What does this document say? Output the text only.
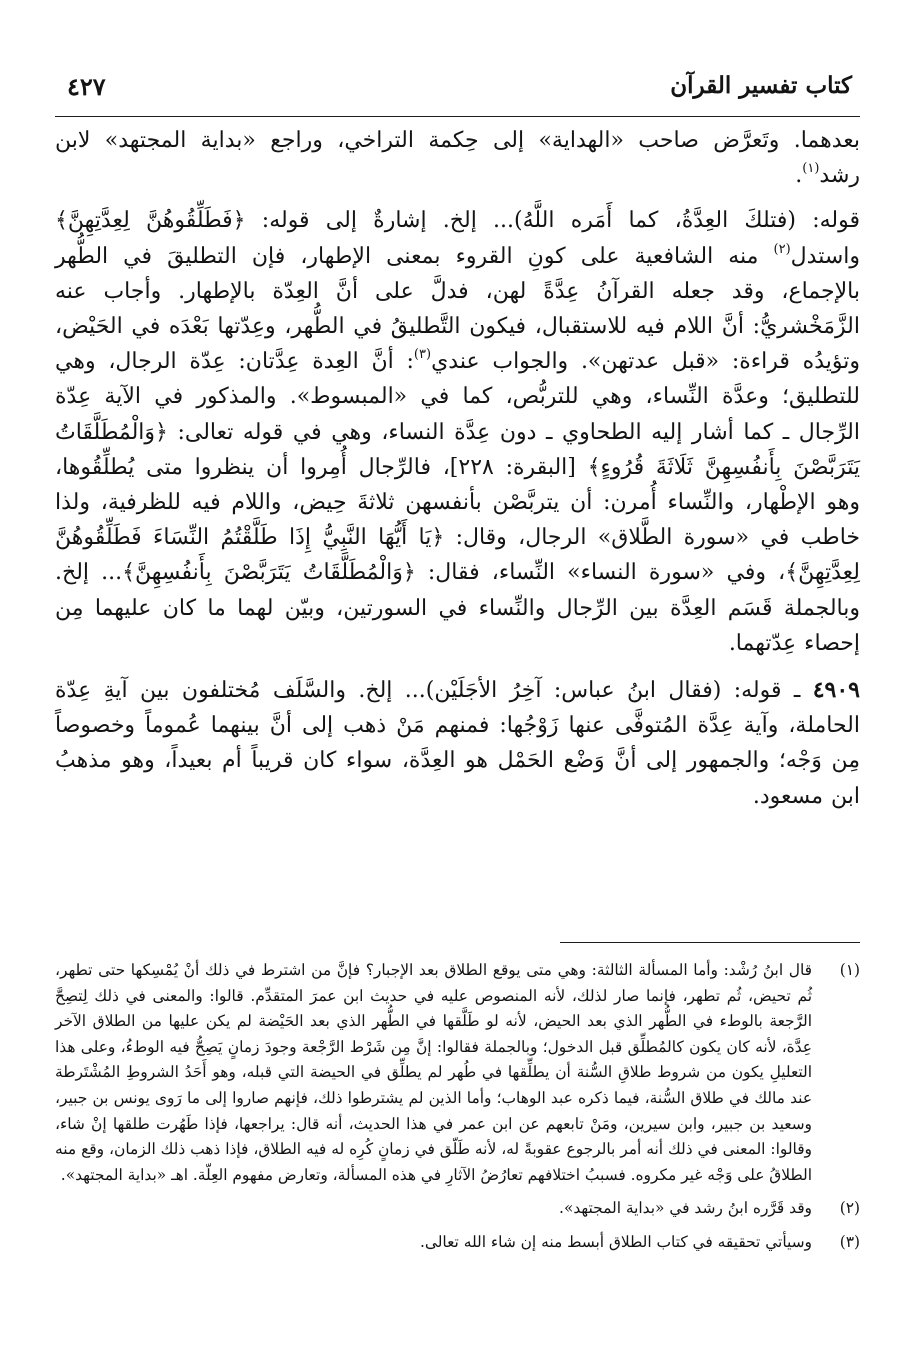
كتاب تفسير القرآن
٤٢٧

بعدهما. وتَعرَّض صاحب «الهداية» إلى حِكمة التراخي، وراجع «بداية المجتهد» لابن رشد$^{(١)}$.

قوله: (فتلكَ العِدَّةُ، كما أَمَره اللَّهُ)... إلخ. إشارةٌ إلى قوله: ﴿فَطَلِّقُوهُنَّ لِعِدَّتِهِنَّ﴾ واستدل$^{(٢)}$ منه الشافعية على كونِ القروء بمعنى الإطهار، فإن التطليقَ في الطُّهر بالإجماع، وقد جعله القرآنُ عِدَّةً لهن، فدلَّ على أنَّ العِدّة بالإطهار. وأجاب عنه الزَّمَخْشريُّ: أنَّ اللام فيه للاستقبال، فيكون التَّطليقُ في الطُّهر، وعِدّتها بَعْدَه في الحَيْض، وتؤيدُه قراءة: «قبل عدتهن». والجواب عندي$^{(٣)}$: أنَّ العِدة عِدَّتان: عِدّة الرجال، وهي للتطليق؛ وعدَّة النِّساء، وهي للتربُّص، كما في «المبسوط». والمذكور في الآية عِدّة الرِّجال ـ كما أشار إليه الطحاوي ـ دون عِدَّة النساء، وهي في قوله تعالى: ﴿وَالْمُطَلَّقَاتُ يَتَرَبَّصْنَ بِأَنفُسِهِنَّ ثَلَاثَةَ قُرُوءٍ﴾ [البقرة: ٢٢٨]، فالرِّجال أُمِروا أن ينظروا متى يُطلِّقُوها، وهو الإطْهار، والنِّساء أُمرن: أن يتربَّصْن بأنفسهن ثلاثةَ حِيض، واللام فيه للظرفية، ولذا خاطب في «سورة الطَّلاق» الرجال، وقال: ﴿يَا أَيُّهَا النَّبِيُّ إِذَا طَلَّقْتُمُ النِّسَاءَ فَطَلِّقُوهُنَّ لِعِدَّتِهِنَّ﴾، وفي «سورة النساء» النِّساء، فقال: ﴿وَالْمُطَلَّقَاتُ يَتَرَبَّصْنَ بِأَنفُسِهِنَّ﴾... إلخ. وبالجملة قَسَم العِدَّة بين الرِّجال والنِّساء في السورتين، وبيّن لهما ما كان عليهما مِن إحصاء عِدّتهما.

٤٩٠٩ ـ قوله: (فقال ابنُ عباس: آخِرُ الأجَلَيْن)... إلخ. والسَّلَف مُختلفون بين آيةِ عِدّة الحاملة، وآية عِدَّة المُتوفَّى عنها زَوْجُها: فمنهم مَنْ ذهب إلى أنَّ بينهما عُموماً وخصوصاً مِن وَجْه؛ والجمهور إلى أنَّ وَضْع الحَمْل هو العِدَّة، سواء كان قريباً أم بعيداً، وهو مذهبُ ابن مسعود.

(١)
قال ابنُ رُشْد: وأما المسألة الثالثة: وهي متى يوقع الطلاق بعد الإجبار؟ فإنَّ من اشترط في ذلك أنْ يُمْسِكها حتى تطهر، ثُم تحيض، ثُم تطهر، فإنما صار لذلك، لأنه المنصوص عليه في حديث ابن عمرَ المتقدِّم. قالوا: والمعنى في ذلك لِتصِحَّ الرَّجعة بالوطء في الطُّهر الذي بعد الحيض، لأنه لو طَلَّقها في الطُّهر الذي بعد الحَيْضة لم يكن عليها من الطلاق الآخر عِدَّة، لأنه كان يكون كالمُطلِّق قبل الدخول؛ وبالجملة فقالوا: إنَّ مِن شَرْط الرَّجْعة وجودَ زمانٍ يَصِحُّ فيه الوطءُ، وعلى هذا التعليلِ يكون من شروط طلاقِ السُّنة أن يطلِّقها في طُهر لم يطلِّق في الحيضة التي قبله، وهو أَحَدُ الشروطِ المُشْتَرطة عند مالك في طلاق السُّنة، فيما ذكره عبد الوهاب؛ وأما الذين لم يشترطوا ذلك، فإنهم صاروا إلى ما رَوى يونس بن جبير، وسعيد بن جبير، وابن سيرين، ومَنْ تابعهم عن ابن عمر في هذا الحديث، أنه قال: يراجعها، فإذا طَهُرت طلقها إنْ شاء، وقالوا: المعنى في ذلك أنه أمر بالرجوع عقوبةً له، لأنه طَلّق في زمانٍ كُرِه له فيه الطلاق، فإذا ذهب ذلك الزمان، وقع منه الطلاقُ على وَجْه غير مكروه. فسببُ اختلافهم تعارُضُ الآثارِ في هذه المسألة، وتعارض مفهوم العِلّة. اهـ «بداية المجتهد».
(٢)
وقد قَرَّره ابنُ رشد في «بداية المجتهد».
(٣)
وسيأتي تحقيقه في كتاب الطلاق أبسط منه إن شاء الله تعالى.
